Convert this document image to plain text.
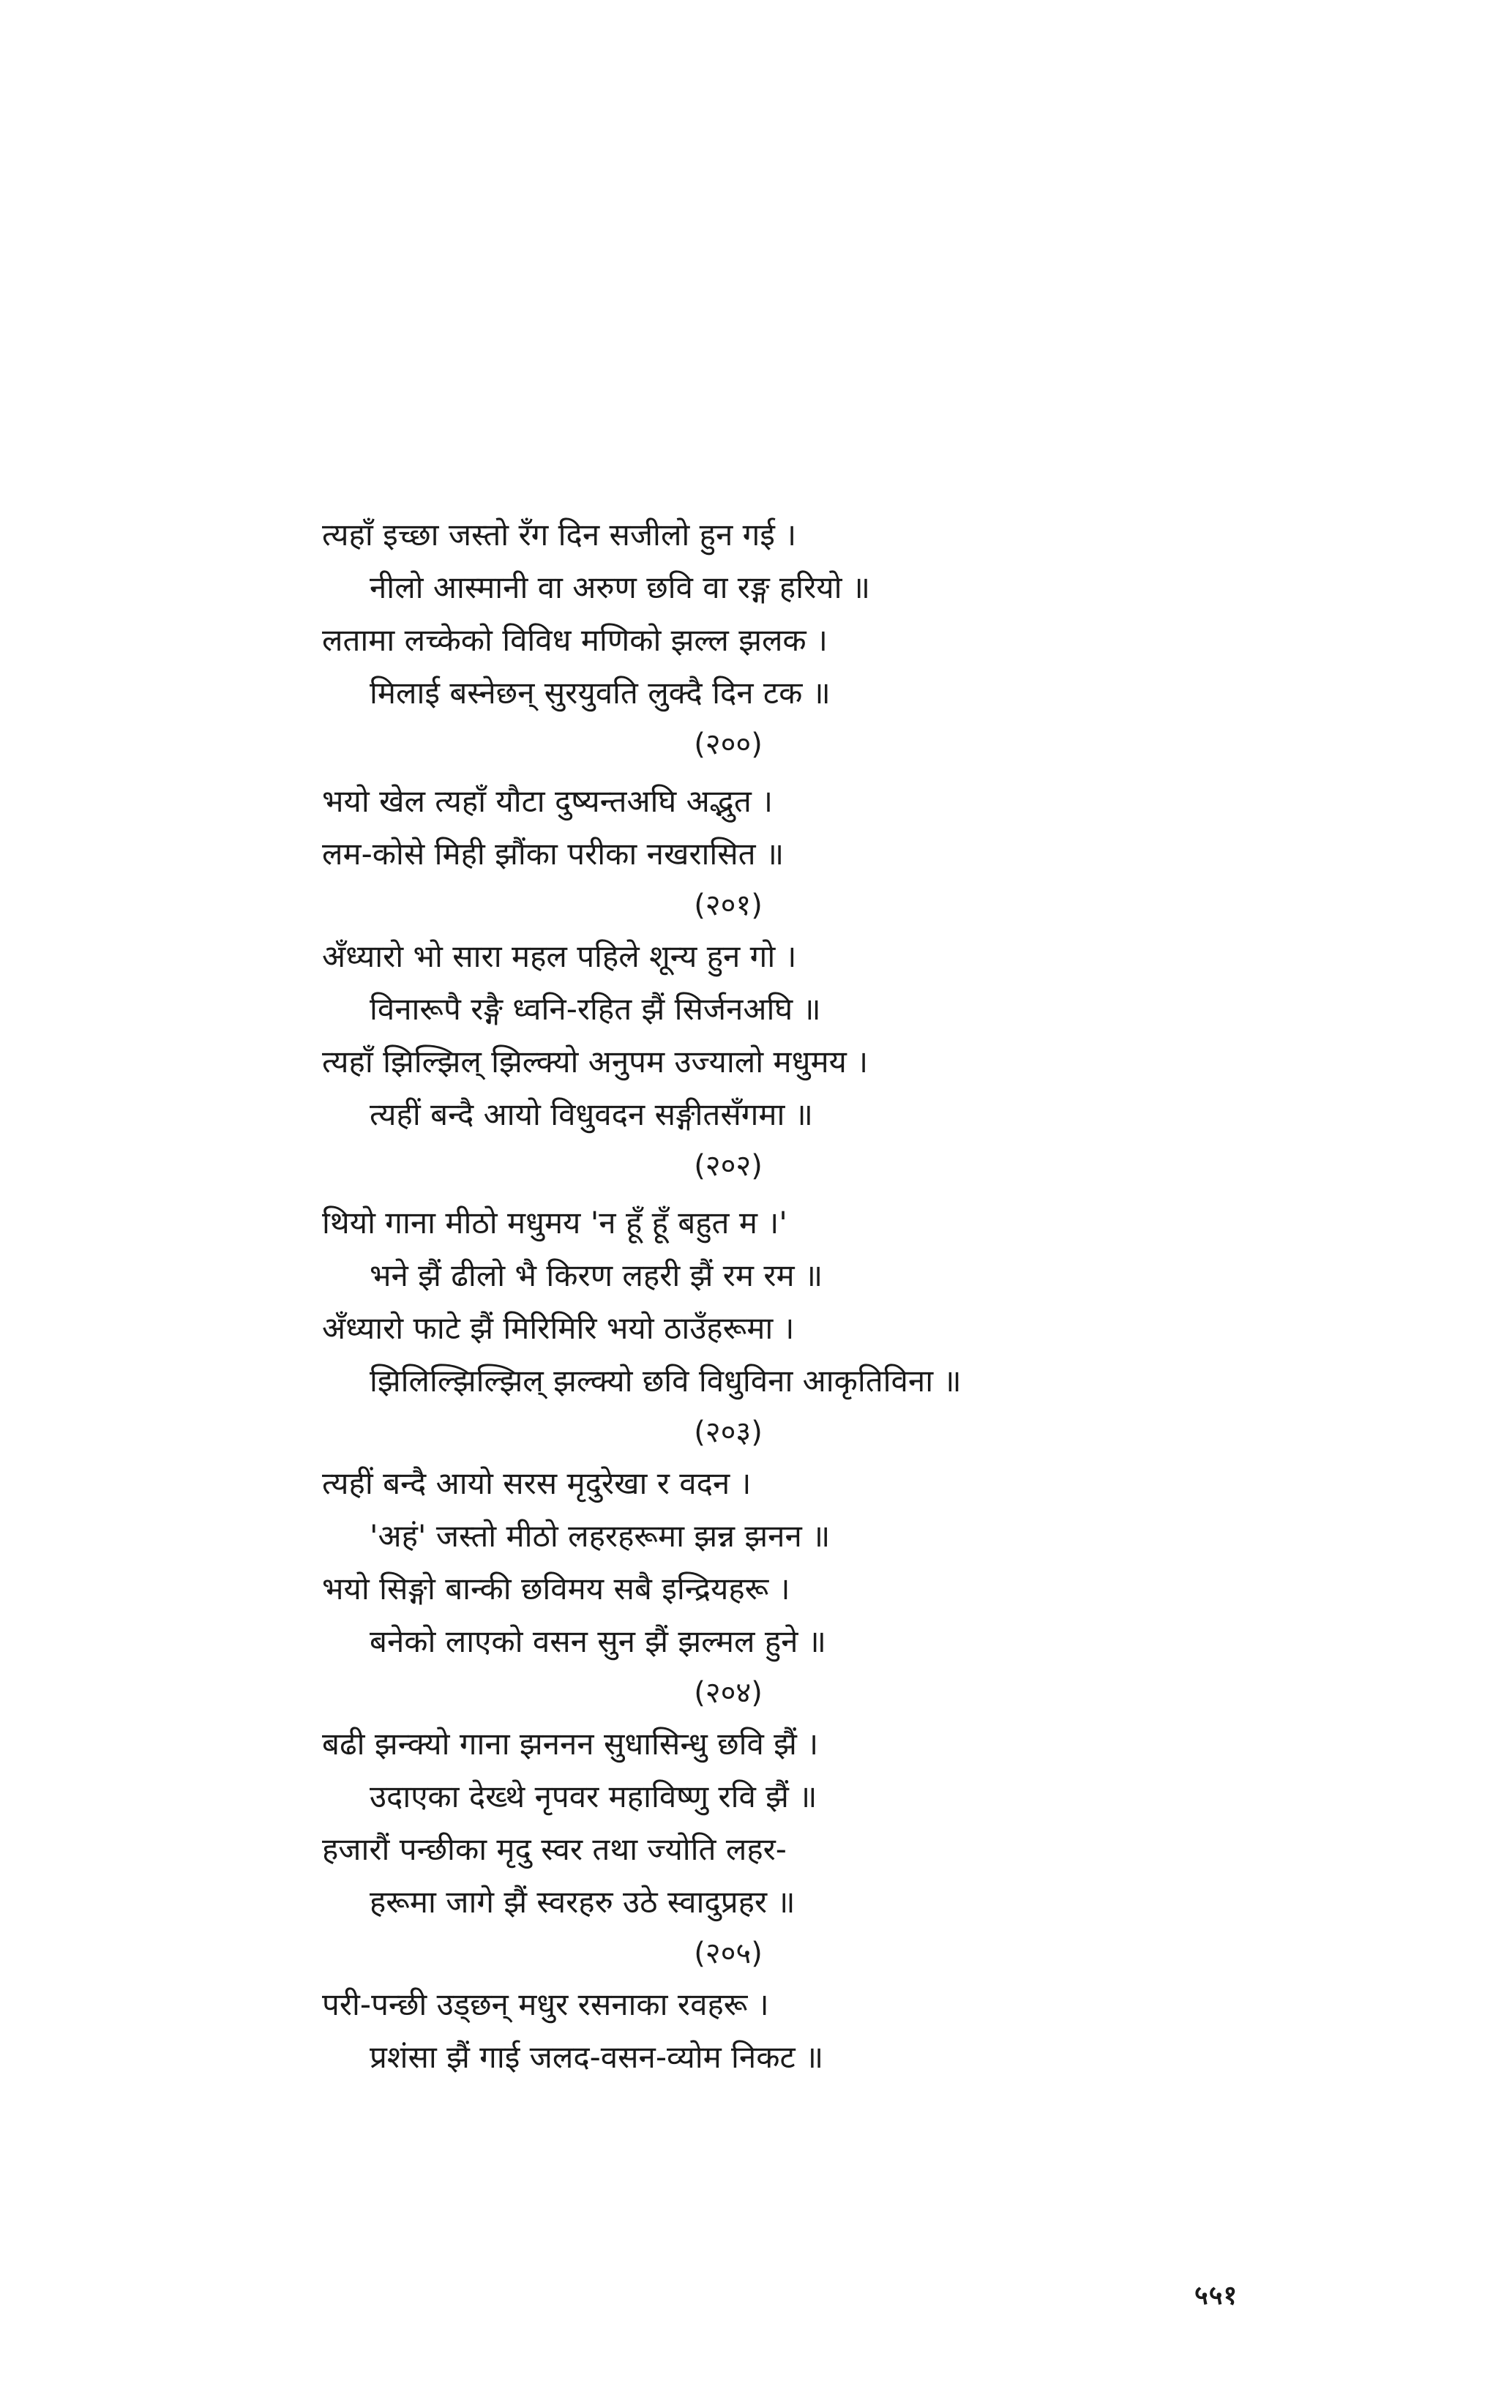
त्यहाँ इच्छा जस्तो रँग दिन सजीलो हुन गई ।
नीलो आस्मानी वा अरुण छवि वा रङ्ग हरियो ॥
लतामा लच्केको विविध मणिको झल्ल झलक ।
मिलाई बस्नेछन् सुरयुवति लुक्दै दिन टक ॥
(२००)
भयो खेल त्यहाँ यौटा दुष्यन्तअघि अद्भुत ।
लम-कोसे मिही झौंका परीका नखरासित ॥
(२०१)
अँध्यारो भो सारा महल पहिले शून्य हुन गो ।
विनारूपै रङ्गै ध्वनि-रहित झैं सिर्जनअघि ॥
त्यहाँ झिल्झिल् झिल्क्यो अनुपम उज्यालो मधुमय ।
त्यहीं बन्दै आयो विधुवदन सङ्गीतसँगमा ॥
(२०२)
थियो गाना मीठो मधुमय 'न हूँ हूँ बहुत म ।'
भने झैं ढीलो भै किरण लहरी झैं रम रम ॥
अँध्यारो फाटे झैं मिरिमिरि भयो ठाउँहरूमा ।
झिलिल्झिल्झिल् झल्क्यो छवि विधुविना आकृतिविना ॥
(२०३)
त्यहीं बन्दै आयो सरस मृदुरेखा र वदन ।
'अहं' जस्तो मीठो लहरहरूमा झन्न झनन ॥
भयो सिङ्गो बान्की छविमय सबै इन्द्रियहरू ।
बनेको लाएको वसन सुन झैं झल्मल हुने ॥
(२०४)
बढी झन्क्यो गाना झननन सुधासिन्धु छवि झैं ।
उदाएका देख्थे नृपवर महाविष्णु रवि झैं ॥
हजारौं पन्छीका मृदु स्वर तथा ज्योति लहर-
हरूमा जागे झैं स्वरहरु उठे स्वादुप्रहर ॥
(२०५)
परी-पन्छी उड्छन् मधुर रसनाका रवहरू ।
प्रशंसा झैं गाई जलद-वसन-व्योम निकट ॥
५५१
